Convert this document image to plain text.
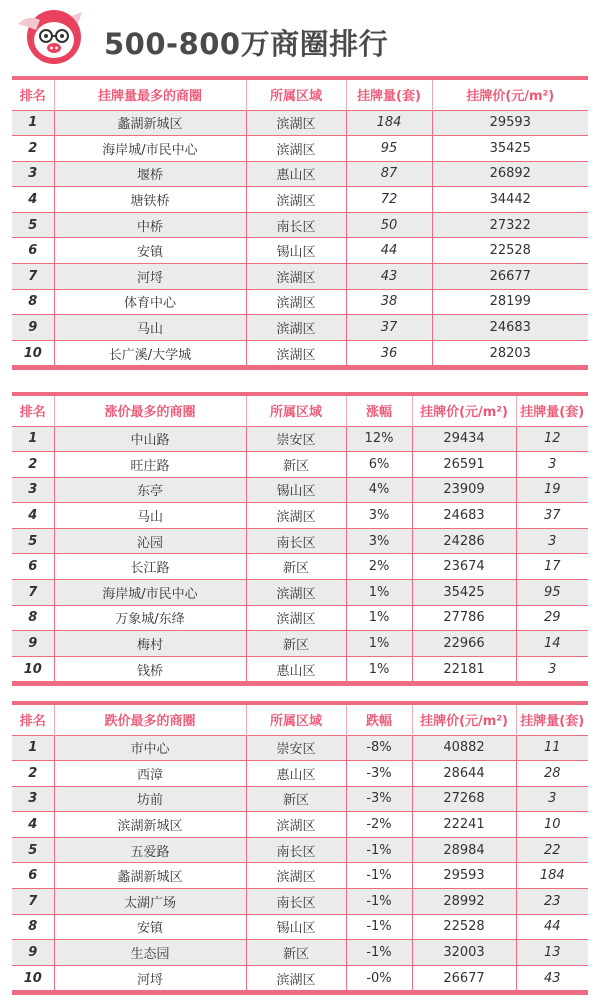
500-800万商圈排行
排名	挂牌量最多的商圈	所属区域	挂牌量(套)	挂牌价(元/m²)
1	蠡湖新城区	滨湖区	184	29593
2	海岸城/市民中心	滨湖区	95	35425
3	堰桥	惠山区	87	26892
4	塘铁桥	滨湖区	72	34442
5	中桥	南长区	50	27322
6	安镇	锡山区	44	22528
7	河埒	滨湖区	43	26677
8	体育中心	滨湖区	38	28199
9	马山	滨湖区	37	24683
10	长广溪/大学城	滨湖区	36	28203
排名	涨价最多的商圈	所属区域	涨幅	挂牌价(元/m²)	挂牌量(套)
1	中山路	崇安区	12%	29434	12
2	旺庄路	新区	6%	26591	3
3	东亭	锡山区	4%	23909	19
4	马山	滨湖区	3%	24683	37
5	沁园	南长区	3%	24286	3
6	长江路	新区	2%	23674	17
7	海岸城/市民中心	滨湖区	1%	35425	95
8	万象城/东绛	滨湖区	1%	27786	29
9	梅村	新区	1%	22966	14
10	钱桥	惠山区	1%	22181	3
排名	跌价最多的商圈	所属区域	跌幅	挂牌价(元/m²)	挂牌量(套)
1	市中心	崇安区	-8%	40882	11
2	西漳	惠山区	-3%	28644	28
3	坊前	新区	-3%	27268	3
4	滨湖新城区	滨湖区	-2%	22241	10
5	五爱路	南长区	-1%	28984	22
6	蠡湖新城区	滨湖区	-1%	29593	184
7	太湖广场	南长区	-1%	28992	23
8	安镇	锡山区	-1%	22528	44
9	生态园	新区	-1%	32003	13
10	河埒	滨湖区	-0%	26677	43
